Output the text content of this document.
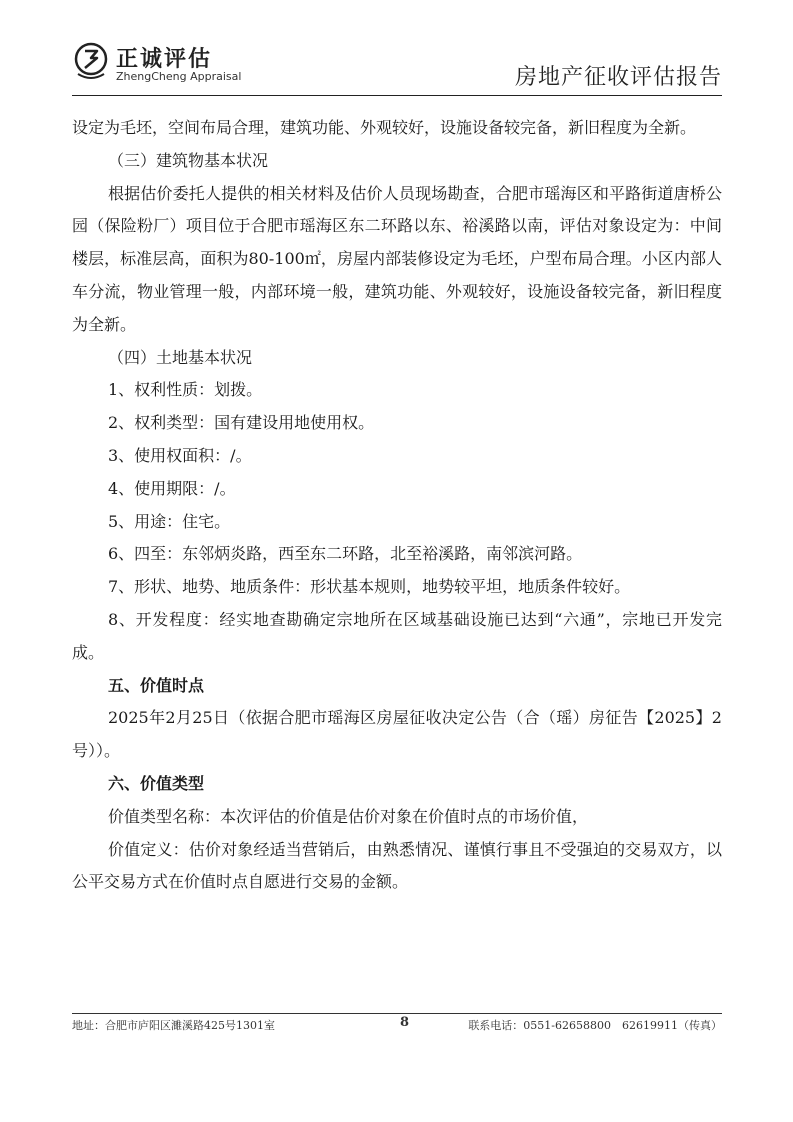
正诚评估
ZhengCheng Appraisal	房地产征收评估报告

设定为毛坯，空间布局合理，建筑功能、外观较好，设施设备较完备，新旧程度为全新。

（三）建筑物基本状况

根据估价委托人提供的相关材料及估价人员现场勘查，合肥市瑶海区和平路街道唐桥公园（保险粉厂）项目位于合肥市瑶海区东二环路以东、裕溪路以南，评估对象设定为：中间楼层，标准层高，面积为80-100㎡，房屋内部装修设定为毛坯，户型布局合理。小区内部人车分流，物业管理一般，内部环境一般，建筑功能、外观较好，设施设备较完备，新旧程度为全新。

（四）土地基本状况

1、权利性质：划拨。

2、权利类型：国有建设用地使用权。

3、使用权面积：/。

4、使用期限：/。

5、用途：住宅。

6、四至：东邻炳炎路，西至东二环路，北至裕溪路，南邻滨河路。

7、形状、地势、地质条件：形状基本规则，地势较平坦，地质条件较好。

8、开发程度：经实地查勘确定宗地所在区域基础设施已达到“六通”，宗地已开发完成。

五、价值时点

2025年2月25日（依据合肥市瑶海区房屋征收决定公告（合（瑶）房征告【2025】2号））。

六、价值类型

价值类型名称：本次评估的价值是估价对象在价值时点的市场价值，

价值定义：估价对象经适当营销后，由熟悉情况、谨慎行事且不受强迫的交易双方，以公平交易方式在价值时点自愿进行交易的金额。

地址：合肥市庐阳区濉溪路425号1301室	8	联系电话：0551-62658800　62619911（传真）
